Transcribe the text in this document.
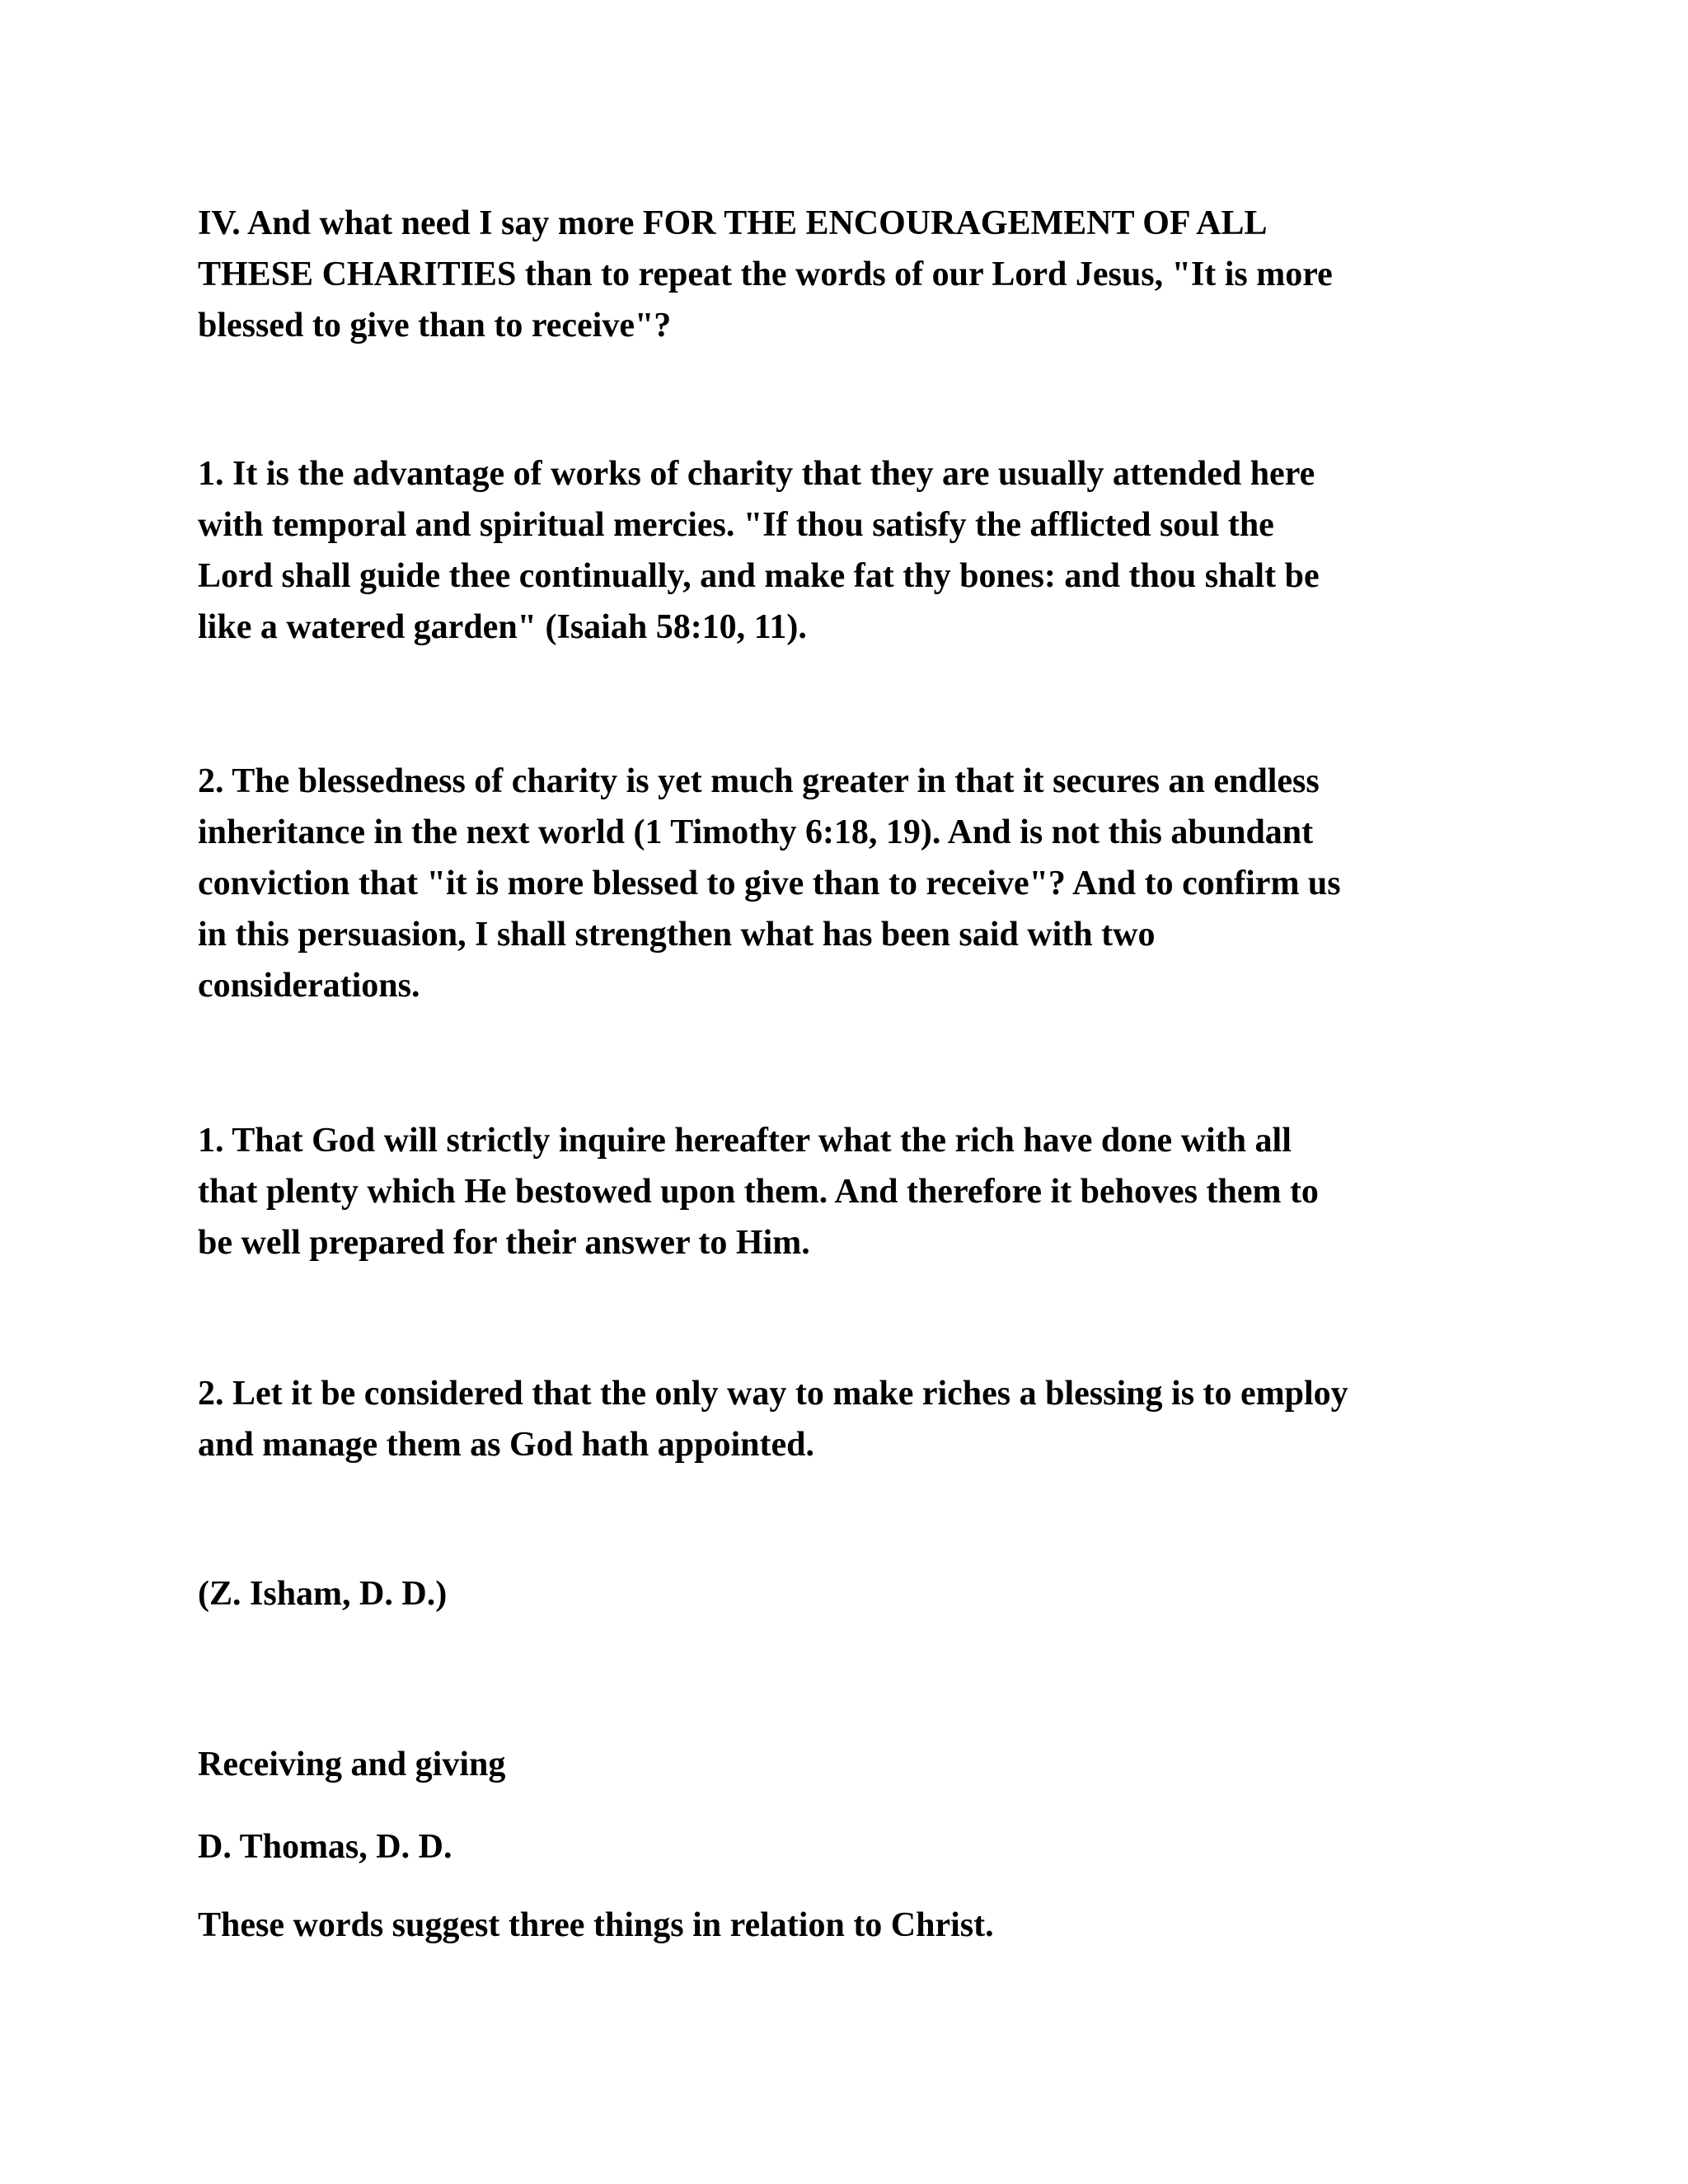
IV. And what need I say more FOR THE ENCOURAGEMENT OF ALL
THESE CHARITIES than to repeat the words of our Lord Jesus, "It is more
blessed to give than to receive"?

1. It is the advantage of works of charity that they are usually attended here
with temporal and spiritual mercies. "If thou satisfy the afflicted soul the
Lord shall guide thee continually, and make fat thy bones: and thou shalt be
like a watered garden" (Isaiah 58:10, 11).

2. The blessedness of charity is yet much greater in that it secures an endless
inheritance in the next world (1 Timothy 6:18, 19). And is not this abundant
conviction that "it is more blessed to give than to receive"? And to confirm us
in this persuasion, I shall strengthen what has been said with two
considerations.

1. That God will strictly inquire hereafter what the rich have done with all
that plenty which He bestowed upon them. And therefore it behoves them to
be well prepared for their answer to Him.

2. Let it be considered that the only way to make riches a blessing is to employ
and manage them as God hath appointed.

(Z. Isham, D. D.)

Receiving and giving

D. Thomas, D. D.

These words suggest three things in relation to Christ.
